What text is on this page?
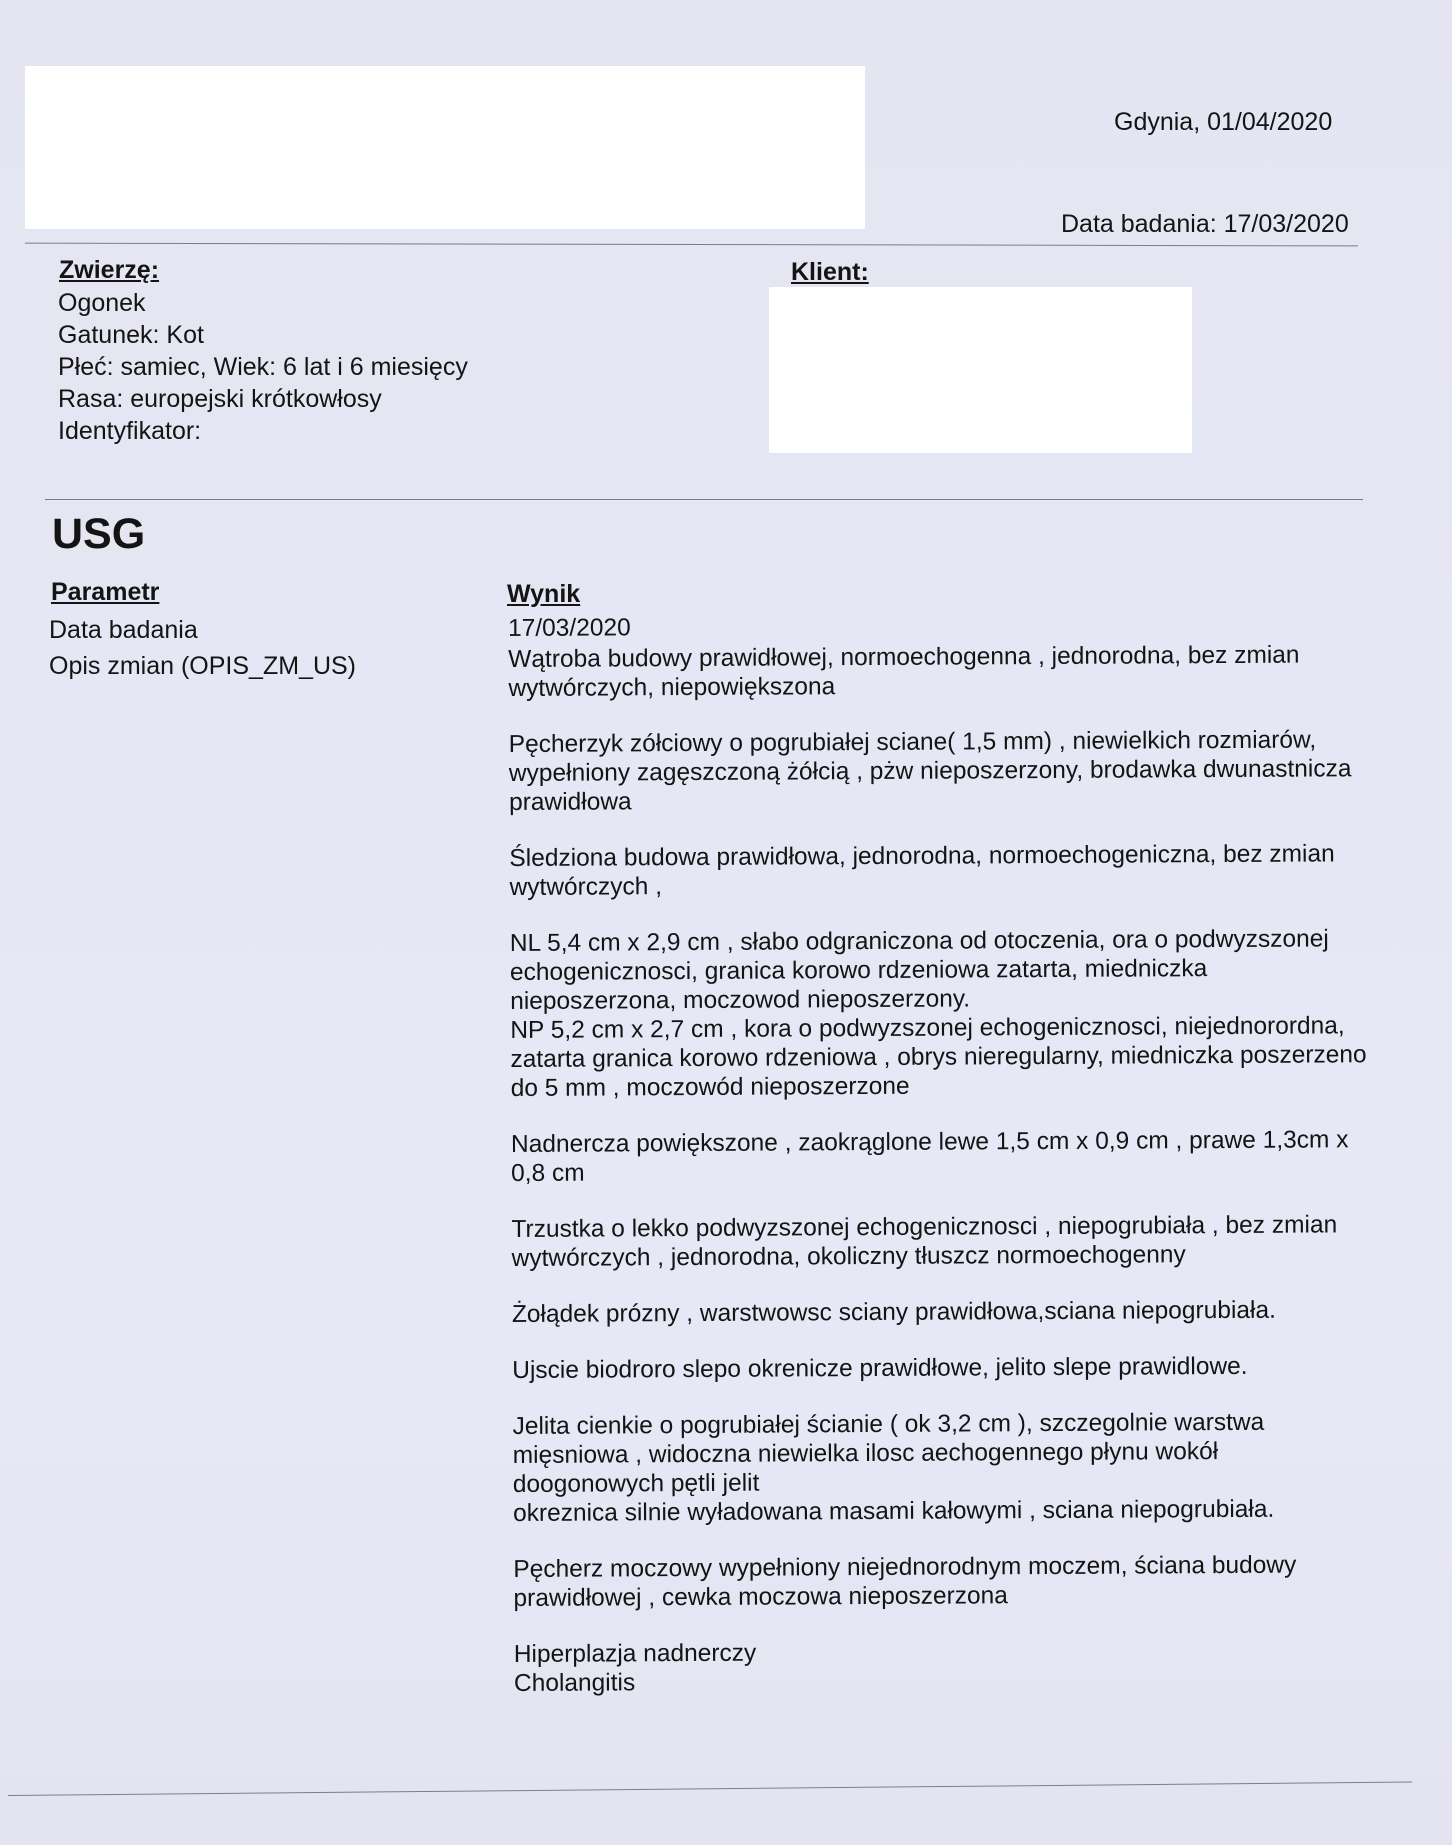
Gdynia, 01/04/2020
Data badania: 17/03/2020
Zwierzę:	Klient:
Ogonek
Gatunek: Kot
Płeć: samiec, Wiek: 6 lat i 6 miesięcy
Rasa: europejski krótkowłosy
Identyfikator:
USG
Parametr	Wynik
Data badania
Opis zmian (OPIS_ZM_US)
17/03/2020
Wątroba budowy prawidłowej, normoechogenna , jednorodna, bez zmian
wytwórczych, niepowiększona
Pęcherzyk zółciowy o pogrubiałej sciane( 1,5 mm) , niewielkich rozmiarów,
wypełniony zagęszczoną żółcią , pżw nieposzerzony, brodawka dwunastnicza
prawidłowa
Śledziona budowa prawidłowa, jednorodna, normoechogeniczna, bez zmian
wytwórczych ,
NL 5,4 cm x 2,9 cm , słabo odgraniczona od otoczenia, ora o podwyzszonej
echogenicznosci, granica korowo rdzeniowa zatarta, miedniczka
nieposzerzona, moczowod nieposzerzony.
NP 5,2 cm x 2,7 cm , kora o podwyzszonej echogenicznosci, niejednorordna,
zatarta granica korowo rdzeniowa , obrys nieregularny, miedniczka poszerzeno
do 5 mm , moczowód nieposzerzone
Nadnercza powiększone , zaokrąglone lewe 1,5 cm x 0,9 cm , prawe 1,3cm x
0,8 cm
Trzustka o lekko podwyzszonej echogenicznosci , niepogrubiała , bez zmian
wytwórczych , jednorodna, okoliczny tłuszcz normoechogenny
Żołądek prózny , warstwowsc sciany prawidłowa,sciana niepogrubiała.
Ujscie biodroro slepo okrenicze prawidłowe, jelito slepe prawidlowe.
Jelita cienkie o pogrubiałej ścianie ( ok 3,2 cm ), szczegolnie warstwa
mięsniowa , widoczna niewielka ilosc aechogennego płynu wokół
doogonowych pętli jelit
okreznica silnie wyładowana masami kałowymi , sciana niepogrubiała.
Pęcherz moczowy wypełniony niejednorodnym moczem, ściana budowy
prawidłowej , cewka moczowa nieposzerzona
Hiperplazja nadnerczy
Cholangitis
